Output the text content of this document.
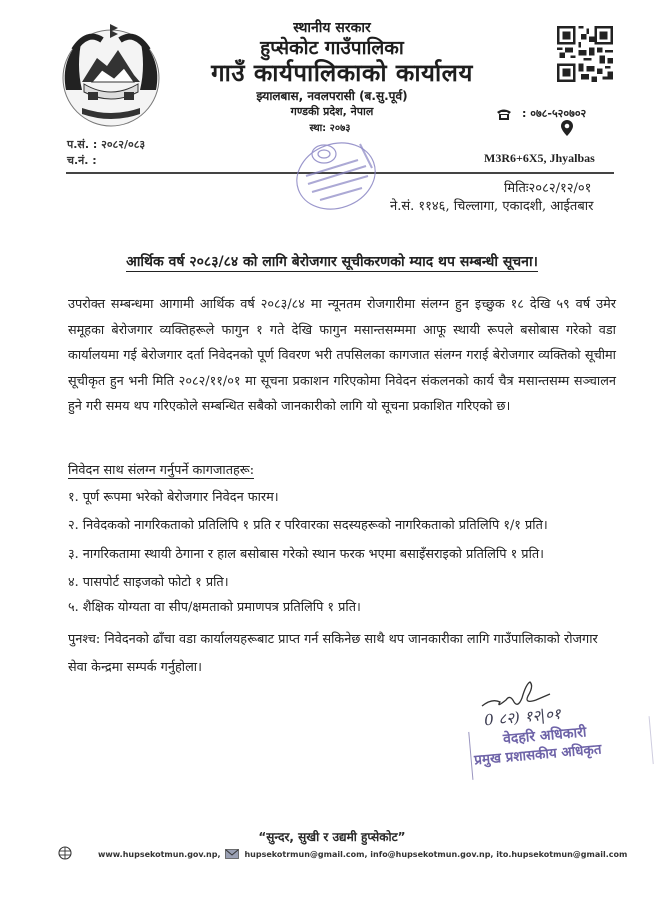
स्थानीय सरकार
हुप्सेकोट गाउँपालिका
गाउँ कार्यपालिकाको कार्यालय
झ्यालबास, नवलपरासी (ब.सु.पूर्व)
गण्डकी प्रदेश, नेपाल
स्था: २०७३
: ०७८-५२०७०२
प.सं. : २०८२/०८३
च.नं. :	M3R6+6X5, Jhyalbas
मितिः२०८२/१२/०१
ने.सं. ११४६, चिल्लागा, एकादशी, आईतबार
आर्थिक वर्ष २०८३/८४ को लागि बेरोजगार सूचीकरणको म्याद थप सम्बन्धी सूचना।
उपरोक्त सम्बन्धमा आगामी आर्थिक वर्ष २०८३/८४ मा न्यूनतम रोजगारीमा संलग्न हुन इच्छुक १८ देखि ५९ वर्ष उमेर समूहका बेरोजगार व्यक्तिहरूले फागुन १ गते देखि फागुन मसान्तसम्ममा आफू स्थायी रूपले बसोबास गरेको वडा कार्यालयमा गई बेरोजगार दर्ता निवेदनको पूर्ण विवरण भरी तपसिलका कागजात संलग्न गराई बेरोजगार व्यक्तिको सूचीमा सूचीकृत हुन भनी मिति २०८२/११/०१ मा सूचना प्रकाशन गरिएकोमा निवेदन संकलनको कार्य चैत्र मसान्तसम्म सञ्चालन हुने गरी समय थप गरिएकोले सम्बन्धित सबैको जानकारीको लागि यो सूचना प्रकाशित गरिएको छ।
निवेदन साथ संलग्न गर्नुपर्ने कागजातहरू:
१. पूर्ण रूपमा भरेको बेरोजगार निवेदन फारम।
२. निवेदकको नागरिकताको प्रतिलिपि १ प्रति र परिवारका सदस्यहरूको नागरिकताको प्रतिलिपि १/१ प्रति।
३. नागरिकतामा स्थायी ठेगाना र हाल बसोबास गरेको स्थान फरक भएमा बसाइँसराइको प्रतिलिपि १ प्रति।
४. पासपोर्ट साइजको फोटो १ प्रति।
५. शैक्षिक योग्यता वा सीप/क्षमताको प्रमाणपत्र प्रतिलिपि १ प्रति।
पुनश्च: निवेदनको ढाँचा वडा कार्यालयहरूबाट प्राप्त गर्न सकिनेछ साथै थप जानकारीका लागि गाउँपालिकाको रोजगार सेवा केन्द्रमा सम्पर्क गर्नुहोला।
0 ८२) १२|०१
वेदहरि अधिकारी
प्रमुख प्रशासकीय अधिकृत
“सुन्दर, सुखी र उद्यमी हुप्सेकोट”
www.hupsekotmun.gov.np,	hupsekotrmun@gmail.com, info@hupsekotmun.gov.np, ito.hupsekotmun@gmail.com
